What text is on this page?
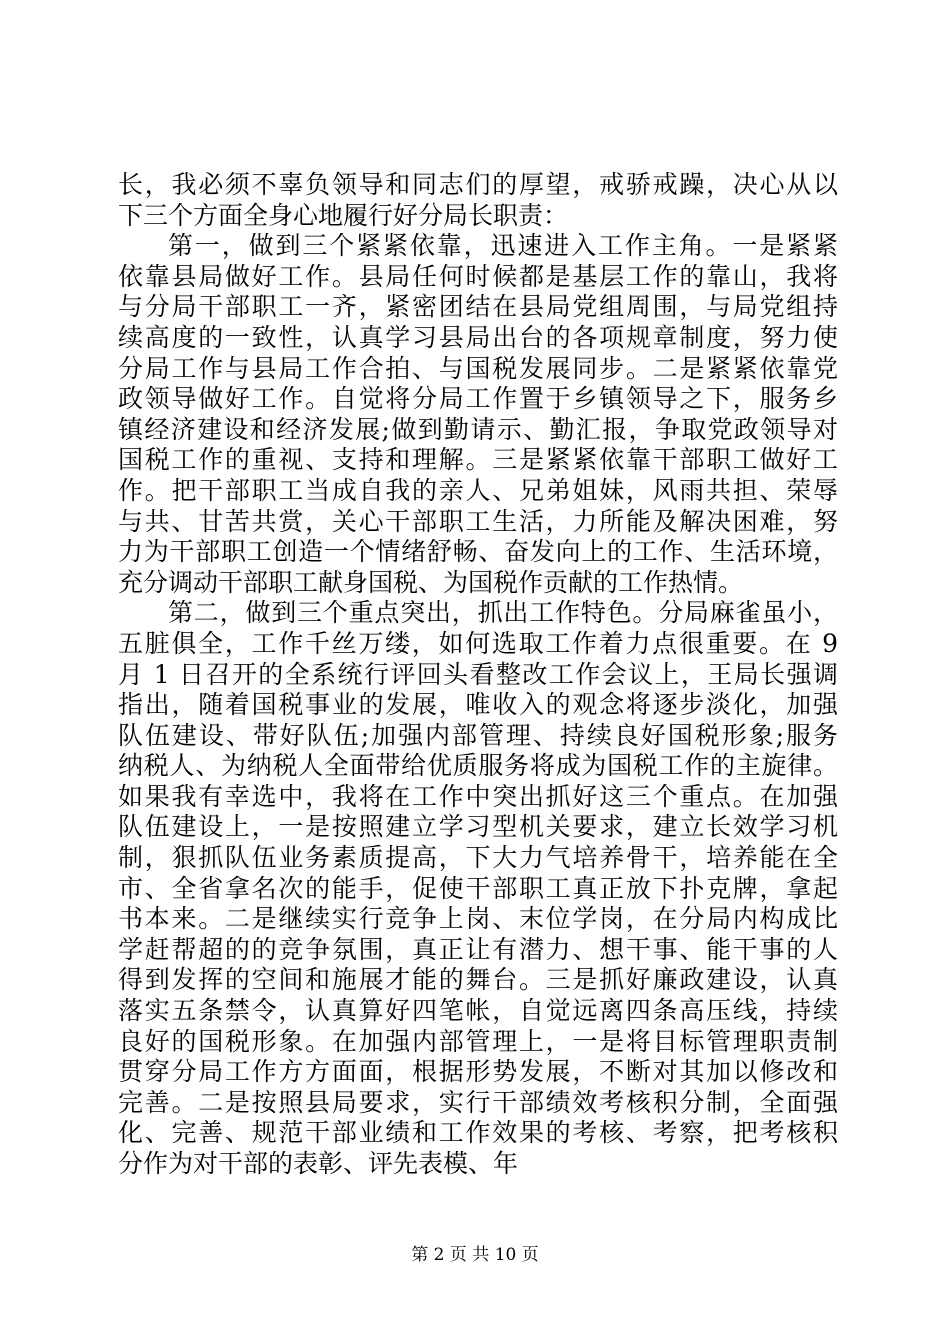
长，我必须不辜负领导和同志们的厚望，戒骄戒躁，决心从以
下三个方面全身心地履行好分局长职责：
第一，做到三个紧紧依靠，迅速进入工作主角。一是紧紧
依靠县局做好工作。县局任何时候都是基层工作的靠山，我将
与分局干部职工一齐，紧密团结在县局党组周围，与局党组持
续高度的一致性，认真学习县局出台的各项规章制度，努力使
分局工作与县局工作合拍、与国税发展同步。二是紧紧依靠党
政领导做好工作。自觉将分局工作置于乡镇领导之下，服务乡
镇经济建设和经济发展;做到勤请示、勤汇报，争取党政领导对
国税工作的重视、支持和理解。三是紧紧依靠干部职工做好工
作。把干部职工当成自我的亲人、兄弟姐妹，风雨共担、荣辱
与共、甘苦共赏，关心干部职工生活，力所能及解决困难，努
力为干部职工创造一个情绪舒畅、奋发向上的工作、生活环境，
充分调动干部职工献身国税、为国税作贡献的工作热情。
第二，做到三个重点突出，抓出工作特色。分局麻雀虽小，
五脏俱全，工作千丝万缕，如何选取工作着力点很重要。在 9
月 1 日召开的全系统行评回头看整改工作会议上，王局长强调
指出，随着国税事业的发展，唯收入的观念将逐步淡化，加强
队伍建设、带好队伍;加强内部管理、持续良好国税形象;服务
纳税人、为纳税人全面带给优质服务将成为国税工作的主旋律。
如果我有幸选中，我将在工作中突出抓好这三个重点。在加强
队伍建设上，一是按照建立学习型机关要求，建立长效学习机
制，狠抓队伍业务素质提高，下大力气培养骨干，培养能在全
市、全省拿名次的能手，促使干部职工真正放下扑克牌，拿起
书本来。二是继续实行竞争上岗、末位学岗，在分局内构成比
学赶帮超的的竞争氛围，真正让有潜力、想干事、能干事的人
得到发挥的空间和施展才能的舞台。三是抓好廉政建设，认真
落实五条禁令，认真算好四笔帐，自觉远离四条高压线，持续
良好的国税形象。在加强内部管理上，一是将目标管理职责制
贯穿分局工作方方面面，根据形势发展，不断对其加以修改和
完善。二是按照县局要求，实行干部绩效考核积分制，全面强
化、完善、规范干部业绩和工作效果的考核、考察，把考核积
分作为对干部的表彰、评先表模、年
第 2 页 共 10 页
